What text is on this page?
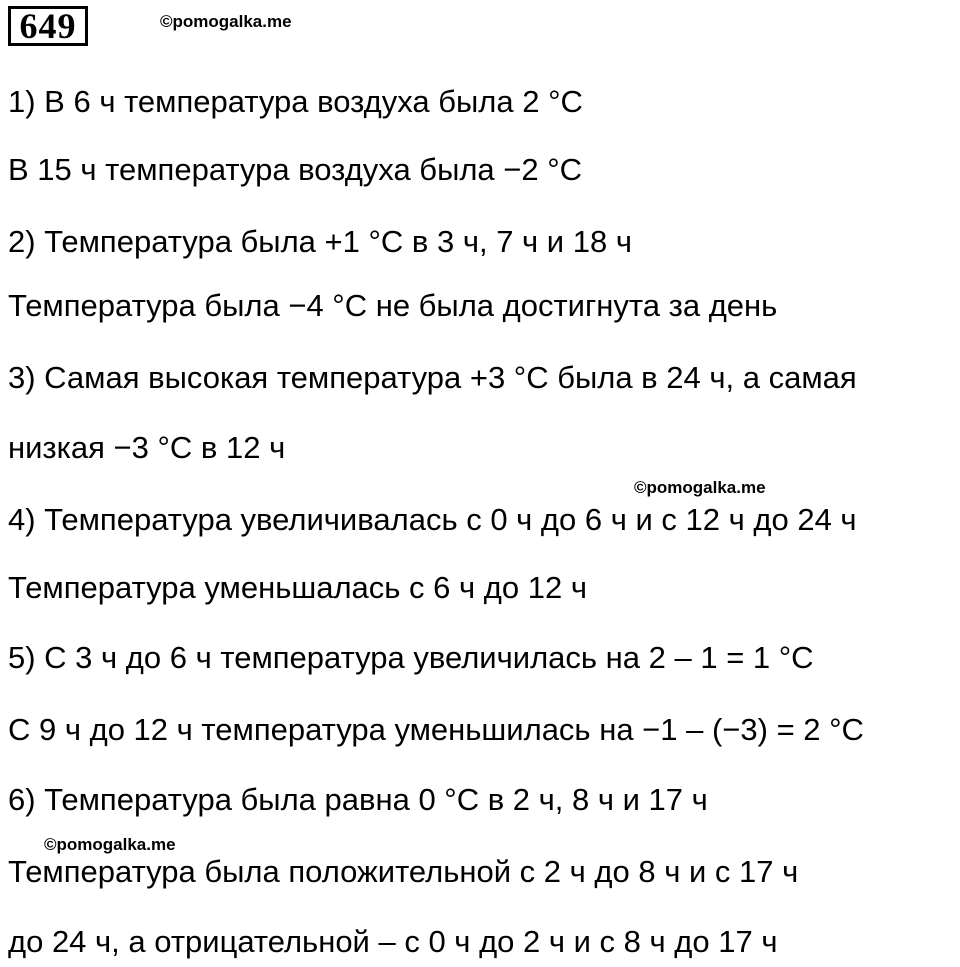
649	©pomogalka.me
©pomogalka.me
©pomogalka.me
1) В 6 ч температура воздуха была 2 °С
В 15 ч температура воздуха была −2 °С
2) Температура была +1 °С в 3 ч, 7 ч и 18 ч
Температура была −4 °С не была достигнута за день
3) Самая высокая температура +3 °С была в 24 ч, а самая
низкая −3 °С в 12 ч
4) Температура увеличивалась с 0 ч до 6 ч и с 12 ч до 24 ч
Температура уменьшалась с 6 ч до 12 ч
5) С 3 ч до 6 ч температура увеличилась на 2 – 1 = 1 °С
С 9 ч до 12 ч температура уменьшилась на −1 – (−3) = 2 °С
6) Температура была равна 0 °С в 2 ч, 8 ч и 17 ч
Температура была положительной с 2 ч до 8 ч и с 17 ч
до 24 ч, а отрицательной – с 0 ч до 2 ч и с 8 ч до 17 ч
